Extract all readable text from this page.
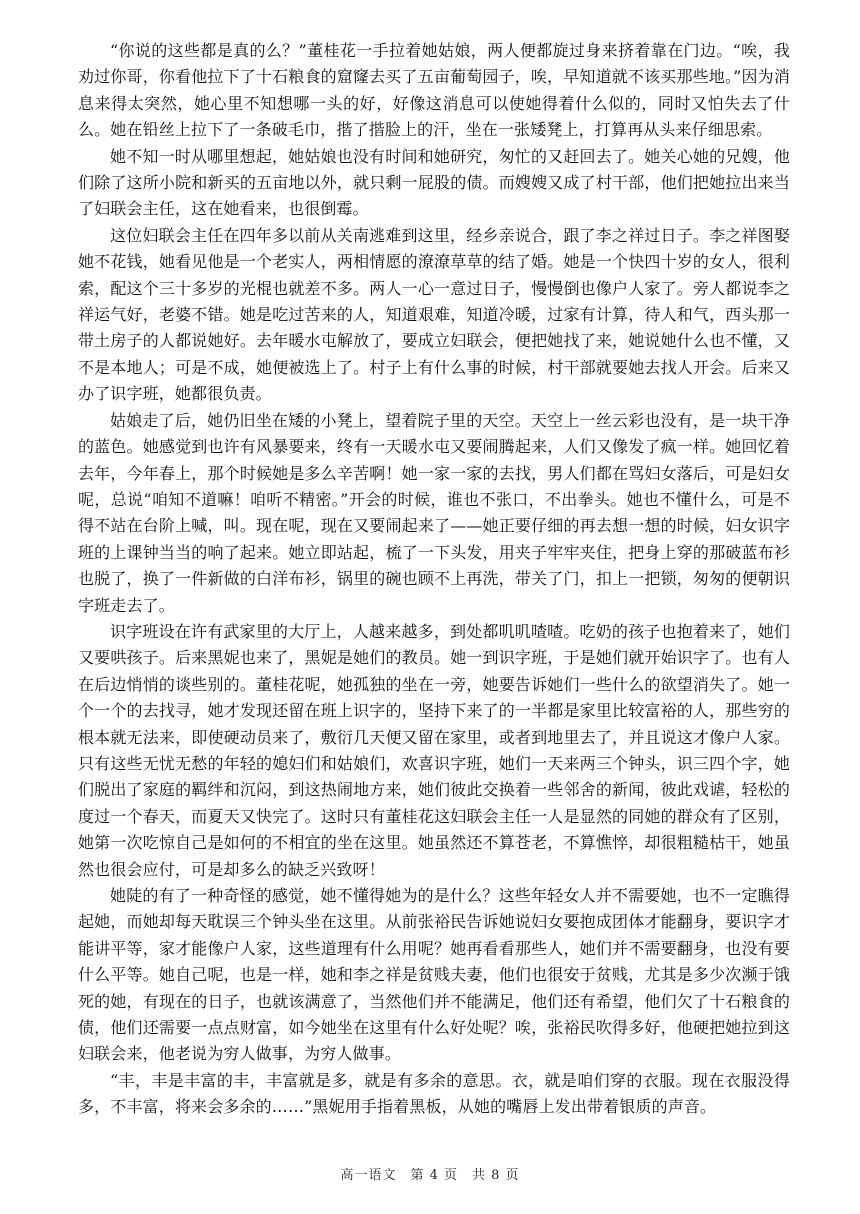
“你说的这些都是真的么？”董桂花一手拉着她姑娘，两人便都旋过身来挤着靠在门边。“唉，我劝过你哥，你看他拉下了十石粮食的窟窿去买了五亩葡萄园子，唉，早知道就不该买那些地。”因为消息来得太突然，她心里不知想哪一头的好，好像这消息可以使她得着什么似的，同时又怕失去了什么。她在铅丝上拉下了一条破毛巾，揩了揩脸上的汗，坐在一张矮凳上，打算再从头来仔细思索。

她不知一时从哪里想起，她姑娘也没有时间和她研究，匆忙的又赶回去了。她关心她的兄嫂，他们除了这所小院和新买的五亩地以外，就只剩一屁股的债。而嫂嫂又成了村干部，他们把她拉出来当了妇联会主任，这在她看来，也很倒霉。

这位妇联会主任在四年多以前从关南逃难到这里，经乡亲说合，跟了李之祥过日子。李之祥图娶她不花钱，她看见他是一个老实人，两相情愿的潦潦草草的结了婚。她是一个快四十岁的女人，很利索，配这个三十多岁的光棍也就差不多。两人一心一意过日子，慢慢倒也像户人家了。旁人都说李之祥运气好，老婆不错。她是吃过苦来的人，知道艰难，知道冷暖，过家有计算，待人和气，西头那一带土房子的人都说她好。去年暖水屯解放了，要成立妇联会，便把她找了来，她说她什么也不懂，又不是本地人；可是不成，她便被选上了。村子上有什么事的时候，村干部就要她去找人开会。后来又办了识字班，她都很负责。

姑娘走了后，她仍旧坐在矮的小凳上，望着院子里的天空。天空上一丝云彩也没有，是一块干净的蓝色。她感觉到也许有风暴要来，终有一天暖水屯又要闹腾起来，人们又像发了疯一样。她回忆着去年，今年春上，那个时候她是多么辛苦啊！她一家一家的去找，男人们都在骂妇女落后，可是妇女呢，总说“咱知不道嘛！咱听不精密。”开会的时候，谁也不张口，不出拳头。她也不懂什么，可是不得不站在台阶上喊，叫。现在呢，现在又要闹起来了——她正要仔细的再去想一想的时候，妇女识字班的上课钟当当的响了起来。她立即站起，梳了一下头发，用夹子牢牢夹住，把身上穿的那破蓝布衫也脱了，换了一件新做的白洋布衫，锅里的碗也顾不上再洗，带关了门，扣上一把锁，匆匆的便朝识字班走去了。

识字班设在许有武家里的大厅上，人越来越多，到处都叽叽喳喳。吃奶的孩子也抱着来了，她们又要哄孩子。后来黑妮也来了，黑妮是她们的教员。她一到识字班，于是她们就开始识字了。也有人在后边悄悄的谈些别的。董桂花呢，她孤独的坐在一旁，她要告诉她们一些什么的欲望消失了。她一个一个的去找寻，她才发现还留在班上识字的，坚持下来了的一半都是家里比较富裕的人，那些穷的根本就无法来，即使硬动员来了，敷衍几天便又留在家里，或者到地里去了，并且说这才像户人家。只有这些无忧无愁的年轻的媳妇们和姑娘们，欢喜识字班，她们一天来两三个钟头，识三四个字，她们脱出了家庭的羁绊和沉闷，到这热闹地方来，她们彼此交换着一些邻舍的新闻，彼此戏谑，轻松的度过一个春天，而夏天又快完了。这时只有董桂花这妇联会主任一人是显然的同她的群众有了区别，她第一次吃惊自己是如何的不相宜的坐在这里。她虽然还不算苍老，不算憔悴，却很粗糙枯干，她虽然也很会应付，可是却多么的缺乏兴致呀！

她陡的有了一种奇怪的感觉，她不懂得她为的是什么？这些年轻女人并不需要她，也不一定瞧得起她，而她却每天耽误三个钟头坐在这里。从前张裕民告诉她说妇女要抱成团体才能翻身，要识字才能讲平等，家才能像户人家，这些道理有什么用呢？她再看看那些人，她们并不需要翻身，也没有要什么平等。她自己呢，也是一样，她和李之祥是贫贱夫妻，他们也很安于贫贱，尤其是多少次濒于饿死的她，有现在的日子，也就该满意了，当然他们并不能满足，他们还有希望，他们欠了十石粮食的债，他们还需要一点点财富，如今她坐在这里有什么好处呢？唉，张裕民吹得多好，他硬把她拉到这妇联会来，他老说为穷人做事，为穷人做事。

“丰，丰是丰富的丰，丰富就是多，就是有多余的意思。衣，就是咱们穿的衣服。现在衣服没得多，不丰富，将来会多余的……”黑妮用手指着黑板，从她的嘴唇上发出带着银质的声音。

高一语文　第 4 页　共 8 页
